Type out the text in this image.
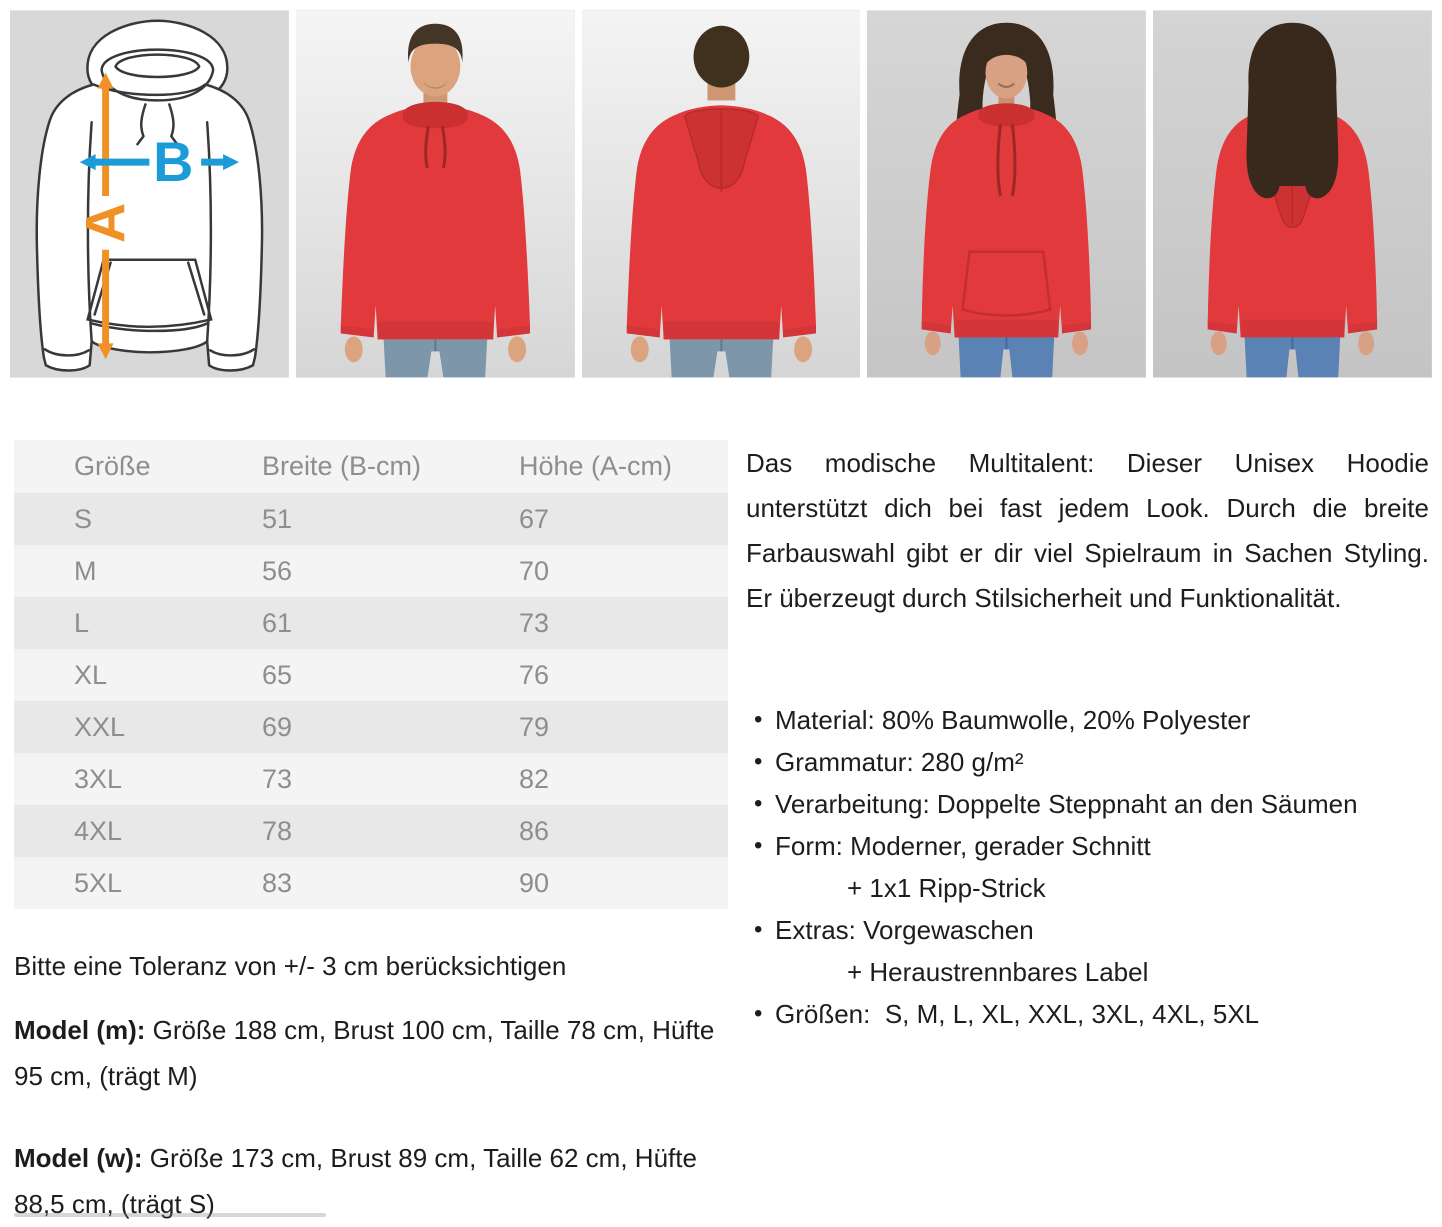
A
B
Größe	Breite (B-cm)	Höhe (A-cm)
S	51	67
M	56	70
L	61	73
XL	65	76
XXL	69	79
3XL	73	82
4XL	78	86
5XL	83	90
Bitte eine Toleranz von +/- 3 cm berücksichtigen
Model (m): Größe 188 cm, Brust 100 cm, Taille 78 cm, Hüfte 95 cm, (trägt M)
Model (w): Größe 173 cm, Brust 89 cm, Taille 62 cm, Hüfte 88,5 cm, (trägt S)
Das modische Multitalent: Dieser Unisex Hoodie unterstützt dich bei fast jedem Look. Durch die breite Farbauswahl gibt er dir viel Spielraum in Sachen Styling. Er überzeugt durch Stilsicherheit und Funktionalität.
• Material: 80% Baumwolle, 20% Polyester
• Grammatur: 280 g/m²
• Verarbeitung: Doppelte Steppnaht an den Säumen
• Form: Moderner, gerader Schnitt
+ 1x1 Ripp-Strick
• Extras: Vorgewaschen
+ Heraustrennbares Label
• Größen:  S, M, L, XL, XXL, 3XL, 4XL, 5XL
